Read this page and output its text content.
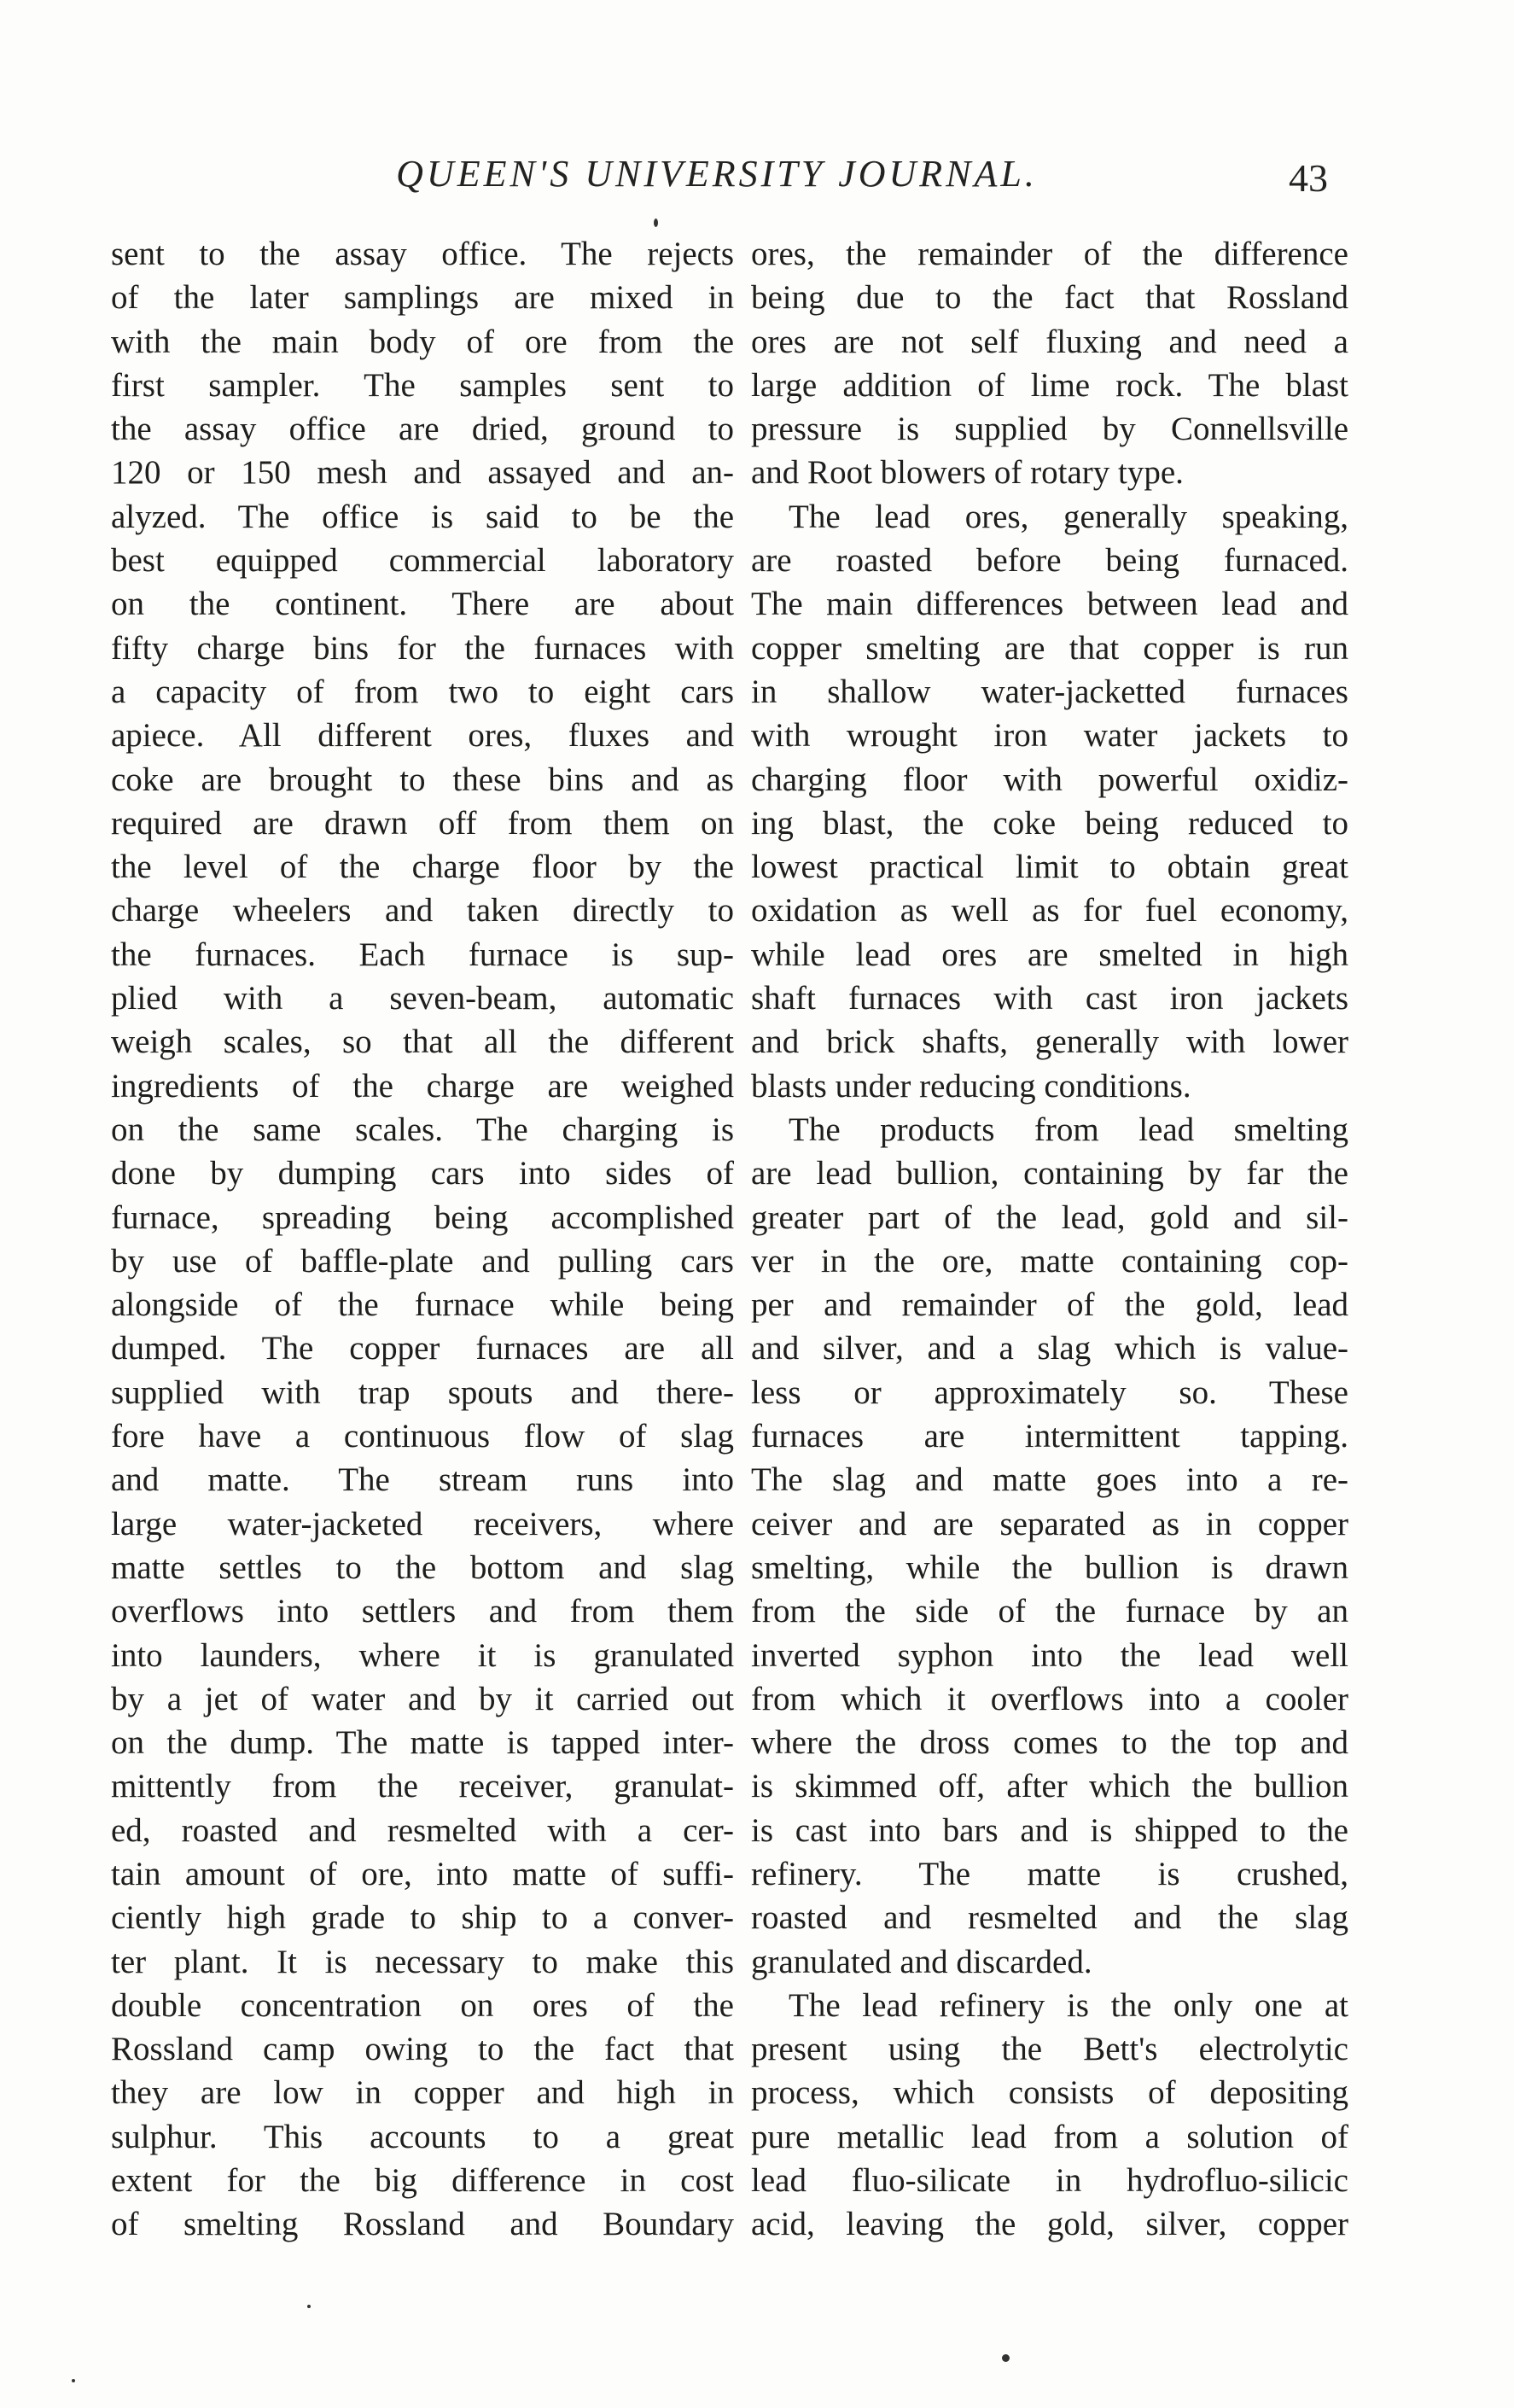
QUEEN'S UNIVERSITY JOURNAL.	43
sent to the assay office. The rejects
of the later samplings are mixed in
with the main body of ore from the
first sampler. The samples sent to
the assay office are dried, ground to
120 or 150 mesh and assayed and an-
alyzed. The office is said to be the
best equipped commercial laboratory
on the continent. There are about
fifty charge bins for the furnaces with
a capacity of from two to eight cars
apiece. All different ores, fluxes and
coke are brought to these bins and as
required are drawn off from them on
the level of the charge floor by the
charge wheelers and taken directly to
the furnaces. Each furnace is sup-
plied with a seven-beam, automatic
weigh scales, so that all the different
ingredients of the charge are weighed
on the same scales. The charging is
done by dumping cars into sides of
furnace, spreading being accomplished
by use of baffle-plate and pulling cars
alongside of the furnace while being
dumped. The copper furnaces are all
supplied with trap spouts and there-
fore have a continuous flow of slag
and matte. The stream runs into
large water-jacketed receivers, where
matte settles to the bottom and slag
overflows into settlers and from them
into launders, where it is granulated
by a jet of water and by it carried out
on the dump. The matte is tapped inter-
mittently from the receiver, granulat-
ed, roasted and resmelted with a cer-
tain amount of ore, into matte of suffi-
ciently high grade to ship to a conver-
ter plant. It is necessary to make this
double concentration on ores of the
Rossland camp owing to the fact that
they are low in copper and high in
sulphur. This accounts to a great
extent for the big difference in cost
of smelting Rossland and Boundary
ores, the remainder of the difference
being due to the fact that Rossland
ores are not self fluxing and need a
large addition of lime rock. The blast
pressure is supplied by Connellsville
and Root blowers of rotary type.
The lead ores, generally speaking,
are roasted before being furnaced.
The main differences between lead and
copper smelting are that copper is run
in shallow water-jacketted furnaces
with wrought iron water jackets to
charging floor with powerful oxidiz-
ing blast, the coke being reduced to
lowest practical limit to obtain great
oxidation as well as for fuel economy,
while lead ores are smelted in high
shaft furnaces with cast iron jackets
and brick shafts, generally with lower
blasts under reducing conditions.
The products from lead smelting
are lead bullion, containing by far the
greater part of the lead, gold and sil-
ver in the ore, matte containing cop-
per and remainder of the gold, lead
and silver, and a slag which is value-
less or approximately so. These
furnaces are intermittent tapping.
The slag and matte goes into a re-
ceiver and are separated as in copper
smelting, while the bullion is drawn
from the side of the furnace by an
inverted syphon into the lead well
from which it overflows into a cooler
where the dross comes to the top and
is skimmed off, after which the bullion
is cast into bars and is shipped to the
refinery. The matte is crushed,
roasted and resmelted and the slag
granulated and discarded.
The lead refinery is the only one at
present using the Bett's electrolytic
process, which consists of depositing
pure metallic lead from a solution of
lead fluo-silicate in hydrofluo-silicic
acid, leaving the gold, silver, copper
